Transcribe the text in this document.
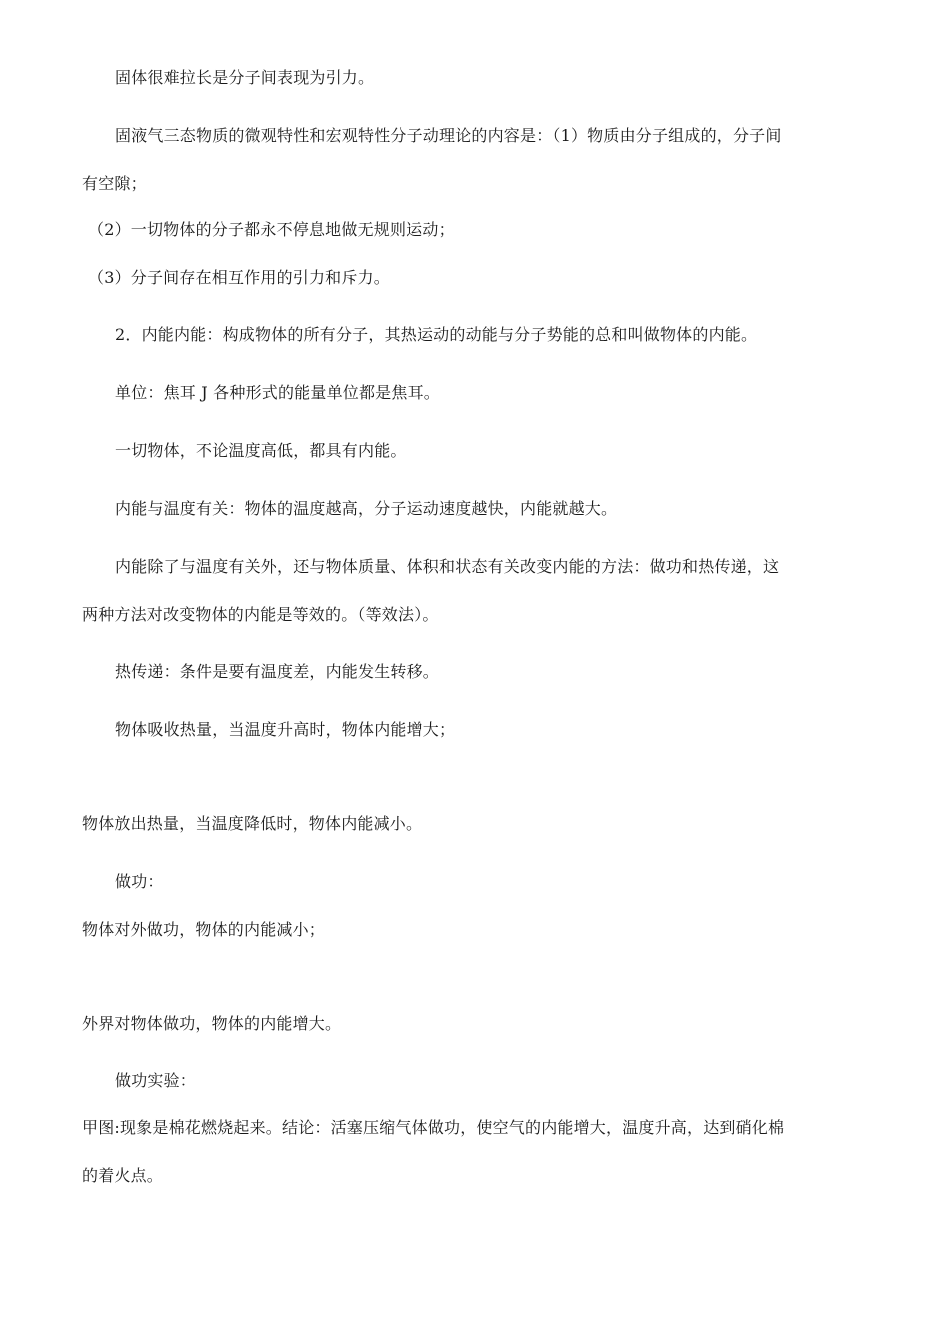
固体很难拉长是分子间表现为引力。
固液气三态物质的微观特性和宏观特性分子动理论的内容是：（1）物质由分子组成的，分子间
有空隙；
（2）一切物体的分子都永不停息地做无规则运动；
（3）分子间存在相互作用的引力和斥力。
2．内能内能：构成物体的所有分子，其热运动的动能与分子势能的总和叫做物体的内能。
单位：焦耳 J 各种形式的能量单位都是焦耳。
一切物体，不论温度高低，都具有内能。
内能与温度有关：物体的温度越高，分子运动速度越快，内能就越大。
内能除了与温度有关外，还与物体质量、体积和状态有关改变内能的方法：做功和热传递，这
两种方法对改变物体的内能是等效的。（等效法）。
热传递：条件是要有温度差，内能发生转移。
物体吸收热量，当温度升高时，物体内能增大；
物体放出热量，当温度降低时，物体内能减小。
做功：
物体对外做功，物体的内能减小；
外界对物体做功，物体的内能增大。
做功实验：
甲图:现象是棉花燃烧起来。结论：活塞压缩气体做功，使空气的内能增大，温度升高，达到硝化棉
的着火点。
